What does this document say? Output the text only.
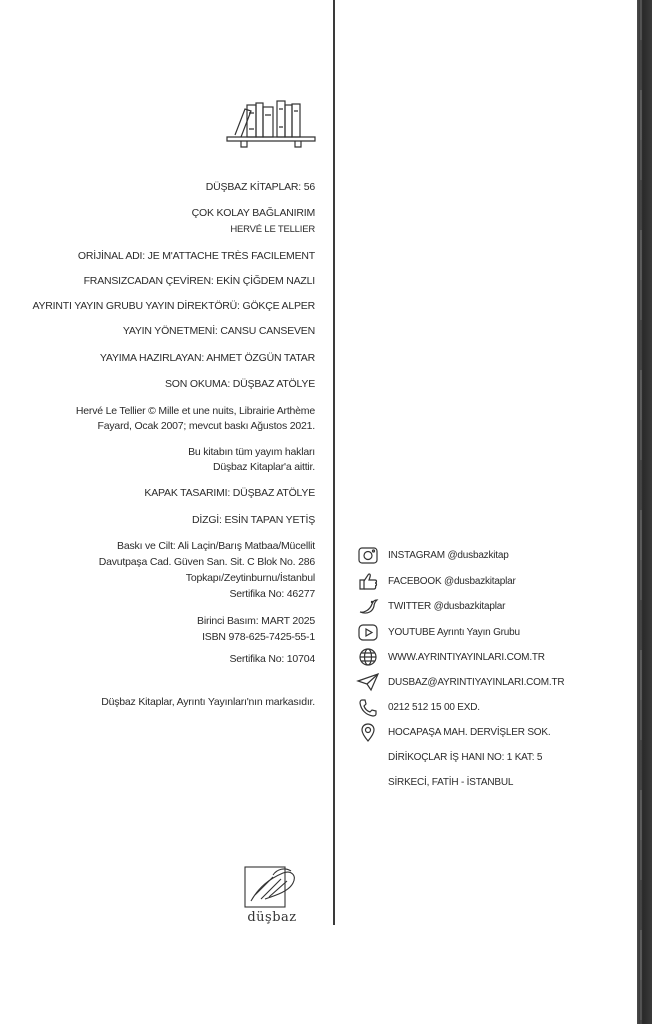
DÜŞBAZ KİTAPLAR: 56
ÇOK KOLAY BAĞLANIRIM
HERVÉ LE TELLIER
ORİJİNAL ADI: JE M'ATTACHE TRÈS FACILEMENT
FRANSIZCADAN ÇEVİREN: EKİN ÇİĞDEM NAZLI
AYRINTI YAYIN GRUBU YAYIN DİREKTÖRÜ: GÖKÇE ALPER
YAYIN YÖNETMENİ: CANSU CANSEVEN
YAYIMA HAZIRLAYAN: AHMET ÖZGÜN TATAR
SON OKUMA: DÜŞBAZ ATÖLYE
Hervé Le Tellier © Mille et une nuits, Librairie Arthème
Fayard, Ocak 2007; mevcut baskı Ağustos 2021.
Bu kitabın tüm yayım hakları
Düşbaz Kitaplar'a aittir.
KAPAK TASARIMI: DÜŞBAZ ATÖLYE
DİZGİ: ESİN TAPAN YETİŞ
Baskı ve Cilt: Ali Laçin/Barış Matbaa/Mücellit
Davutpaşa Cad. Güven San. Sit. C Blok No. 286
Topkapı/Zeytinburnu/İstanbul
Sertifika No: 46277
Birinci Basım: MART 2025
ISBN 978-625-7425-55-1
Sertifika No: 10704
Düşbaz Kitaplar, Ayrıntı Yayınları'nın markasıdır.
düşbaz
INSTAGRAM @dusbazkitap
FACEBOOK @dusbazkitaplar
TWITTER @dusbazkitaplar
YOUTUBE Ayrıntı Yayın Grubu
WWW.AYRINTIYAYINLARI.COM.TR
DUSBAZ@AYRINTIYAYINLARI.COM.TR
0212 512 15 00 EXD.
HOCAPAŞA MAH. DERVİŞLER SOK.
DİRİKOÇLAR İŞ HANI NO: 1 KAT: 5
SİRKECİ, FATİH - İSTANBUL
